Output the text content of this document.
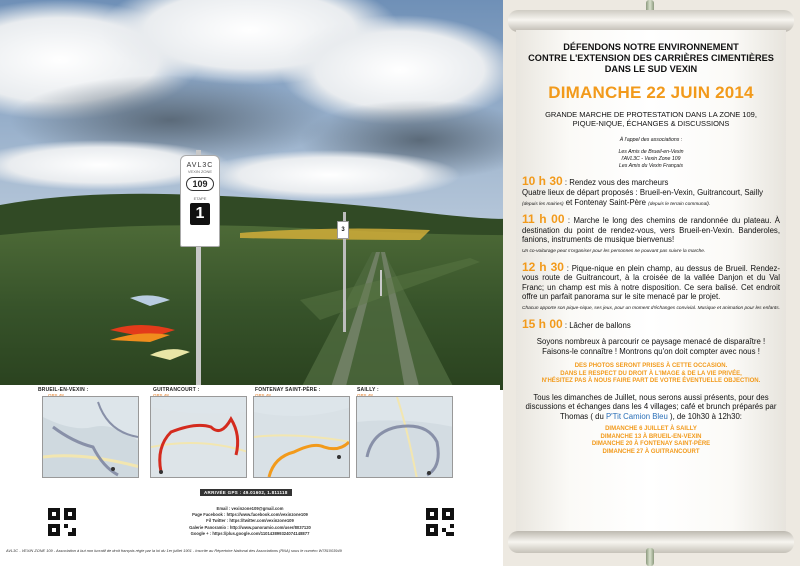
AVL3C
VEXIN ZONE
109
ETAPE
1
3
BRUEIL-EN-VEXIN :	GUITRANCOURT :	FONTENAY SAINT-PÈRE :	SAILLY :
ARRIVÉE GPS : 49.01602, 1.811118
Email : vexinzone109@gmail.com
Page Facebook : https://www.facebook.com/vexinzone109
Fil Twitter : https://twitter.com/vexinzone109
Galerie Panoramio : http://www.panoramio.com/user/8037120
Google + : https://plus.google.com/110143899324074148877
AVL3C - VEXIN ZONE 109 - Association à but non lucratif de droit français régie par la loi du 1er juillet 1901 - Inscrite au Répertoire National des Associations (RNA) sous le numéro W781003949
DÉFENDONS NOTRE ENVIRONNEMENT
CONTRE L'EXTENSION DES CARRIÈRES CIMENTIÈRES
DANS LE SUD VEXIN
DIMANCHE 22 JUIN 2014
GRANDE MARCHE DE PROTESTATION DANS LA ZONE 109,
PIQUE-NIQUE, ÉCHANGES & DISCUSSIONS
À l'appel des associations :
Les Amis de Brueil-en-Vexin
l'AVL3C - Vexin Zone 109
Les Amis du Vexin Français
10 h 30 : Rendez vous des marcheurs
Quatre lieux de départ proposés : Brueil-en-Vexin, Guitrancourt, Sailly (depuis les mairies) et Fontenay Saint-Père (depuis le terrain communal).
11 h 00 : Marche le long des chemins de randonnée du plateau. À destination du point de rendez-vous, vers Brueil-en-Vexin. Banderoles, fanions, instruments de musique bienvenus!
Un co-voiturage peut s'organiser pour les personnes ne pouvant pas suivre la marche.
12 h 30 : Pique-nique en plein champ, au dessus de Brueil. Rendez-vous route de Guitrancourt, à la croisée de la vallée Danjon et du Val Franc; un champ est mis à notre disposition. Ce sera balisé. Cet endroit offre un parfait panorama sur le site menacé par le projet.
Chacun apporte son pique-nique, ses jeux, pour un moment d'échanges convivial. Musique et animation pour les enfants.
15 h 00 : Lâcher de ballons
Soyons nombreux à parcourir ce paysage menacé de disparaître ! Faisons-le connaître ! Montrons qu'on doit compter avec nous !
DES PHOTOS SERONT PRISES À CETTE OCCASION.
DANS LE RESPECT DU DROIT À L'IMAGE & DE LA VIE PRIVÉE,
N'HÉSITEZ PAS À NOUS FAIRE PART DE VOTRE ÉVENTUELLE OBJECTION.
Tous les dimanches de Juillet, nous serons aussi présents, pour des discussions et échanges dans les 4 villages; café et brunch préparés par Thomas ( du P'Tit Camion Bleu ), de 10h30 à 12h30:
DIMANCHE 6 JUILLET À SAILLY
DIMANCHE 13 À BRUEIL-EN-VEXIN
DIMANCHE 20 À FONTENAY SAINT-PÈRE
DIMANCHE 27 À GUITRANCOURT
